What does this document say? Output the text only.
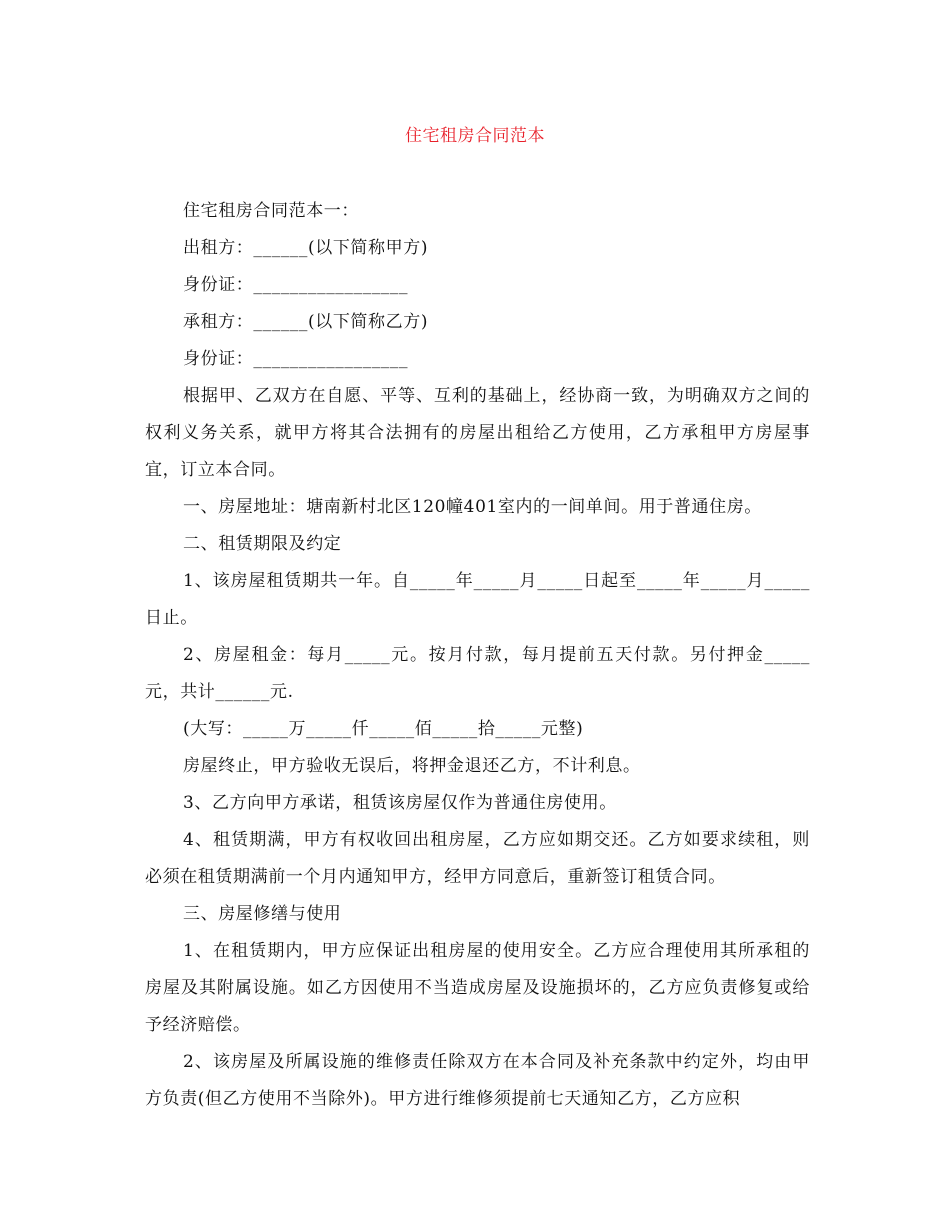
住宅租房合同范本

住宅租房合同范本一：

出租方：______(以下简称甲方)

身份证：_________________

承租方：______(以下简称乙方)

身份证：_________________

根据甲、乙双方在自愿、平等、互利的基础上，经协商一致，为明确双方之间的权利义务关系，就甲方将其合法拥有的房屋出租给乙方使用，乙方承租甲方房屋事宜，订立本合同。

一、房屋地址：塘南新村北区120幢401室内的一间单间。用于普通住房。

二、租赁期限及约定

1、该房屋租赁期共一年。自_____年_____月_____日起至_____年_____月_____日止。

2、房屋租金：每月_____元。按月付款，每月提前五天付款。另付押金_____元，共计______元.

(大写：_____万_____仟_____佰_____拾_____元整)

房屋终止，甲方验收无误后，将押金退还乙方，不计利息。

3、乙方向甲方承诺，租赁该房屋仅作为普通住房使用。

4、租赁期满，甲方有权收回出租房屋，乙方应如期交还。乙方如要求续租，则必须在租赁期满前一个月内通知甲方，经甲方同意后，重新签订租赁合同。

三、房屋修缮与使用

1、在租赁期内，甲方应保证出租房屋的使用安全。乙方应合理使用其所承租的房屋及其附属设施。如乙方因使用不当造成房屋及设施损坏的，乙方应负责修复或给予经济赔偿。

2、该房屋及所属设施的维修责任除双方在本合同及补充条款中约定外，均由甲方负责(但乙方使用不当除外)。甲方进行维修须提前七天通知乙方，乙方应积
